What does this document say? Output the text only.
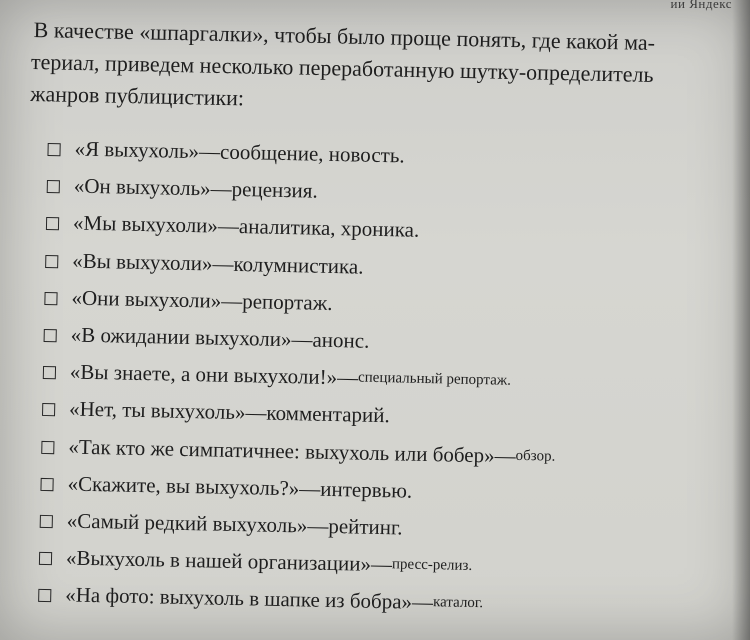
ии Яндекс
В качестве «шпаргалки», чтобы было проще понять, где какой ма-
териал, приведем несколько переработанную шутку-определитель
жанров публицистики:
«Я выхухоль» — сообщение, новость.
«Он выхухоль» — рецензия.
«Мы выхухоли» — аналитика, хроника.
«Вы выхухоли» — колумнистика.
«Они выхухоли» — репортаж.
«В ожидании выхухоли» — анонс.
«Вы знаете, а они выхухоли!» — специальный репортаж.
«Нет, ты выхухоль» — комментарий.
«Так кто же симпатичнее: выхухоль или бобер» — обзор.
«Скажите, вы выхухоль?» — интервью.
«Самый редкий выхухоль» — рейтинг.
«Выхухоль в нашей организации» — пресс-релиз.
«На фото: выхухоль в шапке из бобра» — каталог.
